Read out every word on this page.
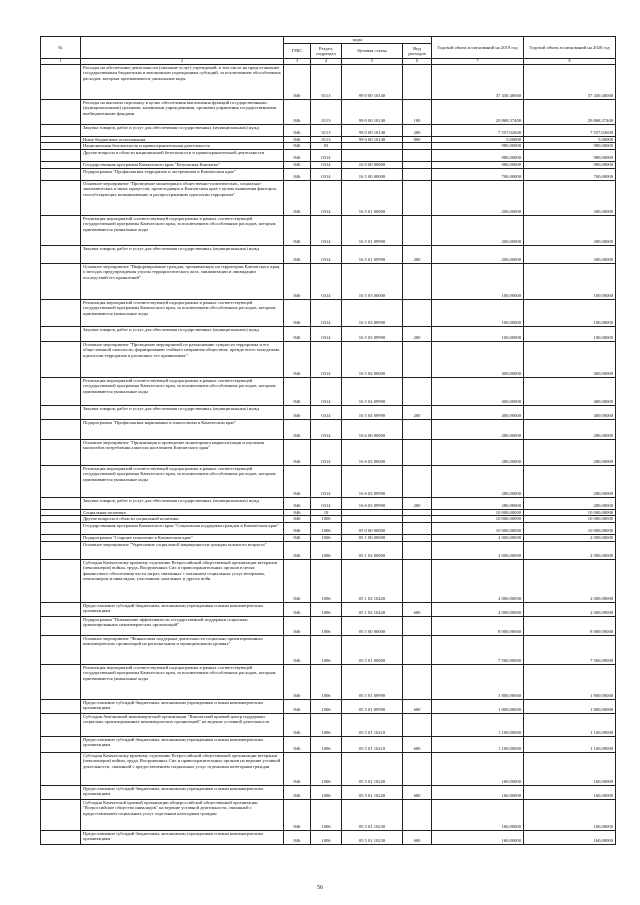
№		коды				Годовой объем ассигнований на 2019 год	Годовой объем ассигнований на 2020 год
		ГРБС	Раздел, подраздел	Целевая статья	Вид расходов		
1	2	3	4	5	6	7	8
	Расходы на обеспечение деятельности (оказание услуг) учреждений, в том числе на предоставление государственным бюджетным и автономным учреждениям субсидий, за исключением обособленных расходов, которым присваиваются уникальные коды	846	0113	99 0 00 10140		37 430,40000	37 430,40000
	Расходы на выплаты персоналу в целях обеспечения выполнения функций государственными (муниципальными) органами, казенными учреждениями, органами управления государственными внебюджетными фондами	846	0113	99 0 00 10140	100	29 868,37400	29 868,37400
	Закупка товаров, работ и услуг для обеспечения государственных (муниципальных) нужд	846	0113	99 0 00 10140	200	7 557,02600	7 557,02600
	Иные бюджетные ассигнования	846	0113	99 0 00 10140	800	5,00000	5,00000
	Национальная безопасность и правоохранительная деятельность	846	03			980,00000	980,00000
	Другие вопросы в области национальной безопасности и правоохранительной деятельности	846	0314			980,00000	980,00000
	Государственная программа Камчатского края "Безопасная Камчатка"	846	0314	16 0 00 00000		980,00000	980,00000
	Подпрограмма "Профилактика терроризма и экстремизма в Камчатском крае"	846	0314	16 5 00 00000		700,00000	700,00000
	Основное мероприятие "Проведение мониторинга общественно-политических, социально-экономических и иных процессов, происходящих в Камчатском крае с целью выявления факторов, способствующих возникновению и распространению идеологии терроризма"	846	0314	16 5 01 00000		200,00000	200,00000
	Реализация мероприятий соответствующей подпрограммы в рамках соответствующей государственной программы Камчатского края, за исключением обособленных расходов, которым присваиваются уникальные коды	846	0314	16 5 01 09990		200,00000	200,00000
	Закупка товаров, работ и услуг для обеспечения государственных (муниципальных) нужд	846	0314	16 5 01 09990	200	200,00000	200,00000
	Основное мероприятие "Информирование граждан, проживающих на территории Камчатского края, о методах предупреждения угрозы террористического акта, минимизации и ликвидации последствий его проявлений"	846	0314	16 5 03 00000		100,00000	100,00000
	Реализация мероприятий соответствующей подпрограммы в рамках соответствующей государственной программы Камчатского края, за исключением обособленных расходов, которым присваиваются уникальные коды	846	0314	16 5 03 09990		100,00000	100,00000
	Закупка товаров, работ и услуг для обеспечения государственных (муниципальных) нужд	846	0314	16 5 03 09990	200	100,00000	100,00000
	Основное мероприятие "Проведение мероприятий по разъяснению сущности терроризма и его общественной опасности, формированию стойкого неприятия обществом, прежде всего молодежью, идеологии терроризма в различных его проявлениях"	846	0314	16 5 04 00000		400,00000	400,00000
	Реализация мероприятий соответствующей подпрограммы в рамках соответствующей государственной программы Камчатского края, за исключением обособленных расходов, которым присваиваются уникальные коды	846	0314	16 5 04 09990		400,00000	400,00000
	Закупка товаров, работ и услуг для обеспечения государственных (муниципальных) нужд	846	0314	16 5 04 09990	200	400,00000	400,00000
	Подпрограмма "Профилактика наркомании и алкоголизма в Камчатском крае"	846	0314	16 6 00 00000		280,00000	280,00000
	Основное мероприятие "Организация и проведение мониторинга наркоситуации и изучения масштабов потребления алкоголя населением Камчатского края"	846	0314	16 6 03 00000		280,00000	280,00000
	Реализация мероприятий соответствующей подпрограммы в рамках соответствующей государственной программы Камчатского края, за исключением обособленных расходов, которым присваиваются уникальные коды	846	0314	16 6 03 09990		280,00000	280,00000
	Закупка товаров, работ и услуг для обеспечения государственных (муниципальных) нужд	846	0314	16 6 03 09990	200	280,00000	280,00000
	Социальная политика	846	10			10 000,00000	10 000,00000
	Другие вопросы в области социальной политики	846	1006			10 000,00000	10 000,00000
	Государственная программа Камчатского края "Социальная поддержка граждан в Камчатском крае"	846	1006	05 0 00 00000		10 000,00000	10 000,00000
	Подпрограмма "Старшее поколение в Камчатском крае"	846	1006	05 1 00 00000		2 000,00000	2 000,00000
	Основное мероприятие "Укрепление социальной защищенности граждан пожилого возраста"	846	1006	05 1 02 00000		2 000,00000	2 000,00000
	Субсидия Камчатскому краевому отделению Всероссийской общественной организации ветеранов (пенсионеров) войны, труда, Вооруженных Сил и правоохранительных органов в целях финансового обеспечения части затрат, связанных с оказанием социальных услуг ветеранам, пенсионерам и инвалидам, участникам локальных и других войн	846	1006	05 1 02 10420		2 000,00000	2 000,00000
	Предоставление субсидий бюджетным, автономным учреждениям и иным некоммерческим организациям	846	1006	05 1 02 10420	600	2 000,00000	2 000,00000
	Подпрограмма "Повышение эффективности государственной поддержки социально ориентированных некоммерческих организаций"	846	1006	05 5 00 00000		8 000,00000	8 000,00000
	Основное мероприятие "Финансовая поддержка деятельности социально ориентированных некоммерческих организаций на региональном и муниципальном уровнях"	846	1006	05 5 01 00000		7 560,00000	7 560,00000
	Реализация мероприятий соответствующей подпрограммы в рамках соответствующей государственной программы Камчатского края, за исключением обособленных расходов, которым присваиваются уникальные коды	846	1006	05 5 01 09990		1 800,00000	1 800,00000
	Предоставление субсидий бюджетным, автономным учреждениям и иным некоммерческим организациям	846	1006	05 5 01 09990	600	1 800,00000	1 800,00000
	Субсидия Автономной некоммерческой организации "Камчатский краевой центр поддержки социально ориентированных некоммерческих организаций" на ведение уставной деятельности	846	1006	05 5 01 10210		1 100,00000	1 100,00000
	Предоставление субсидий бюджетным, автономным учреждениям и иным некоммерческим организациям	846	1006	05 5 01 10210	600	1 100,00000	1 100,00000
	Субсидия Камчатскому краевому отделению Всероссийской общественной организации ветеранов (пенсионеров) войны, труда, Вооруженных Сил и правоохранительных органов на ведение уставной деятельности, связанной с предоставлением социальных услуг отдельным категориям граждан	846	1006	05 5 01 10220		160,00000	160,00000
	Предоставление субсидий бюджетным, автономным учреждениям и иным некоммерческим организациям	846	1006	05 5 01 10220	600	160,00000	160,00000
	Субсидия Камчатской краевой организации общероссийской общественной организации "Всероссийское общество инвалидов" на ведение уставной деятельности, связанной с предоставлением социальных услуг отдельным категориям граждан	846	1006	05 5 01 10230		160,00000	160,00000
	Предоставление субсидий бюджетным, автономным учреждениям и иным некоммерческим организациям	846	1006	05 5 01 10230	600	160,00000	160,00000
56
